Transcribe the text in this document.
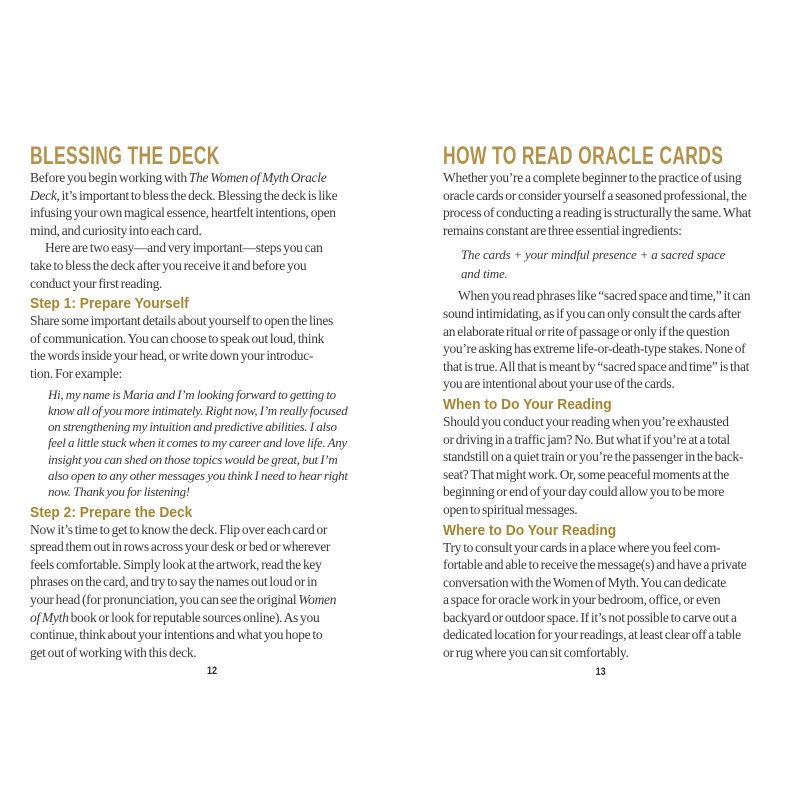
BLESSING THE DECK

Before you begin working with The Women of Myth Oracle
Deck, it’s important to bless the deck. Blessing the deck is like
infusing your own magical essence, heartfelt intentions, open
mind, and curiosity into each card.

Here are two easy—and very important—steps you can
take to bless the deck after you receive it and before you
conduct your first reading.

Step 1: Prepare Yourself

Share some important details about yourself to open the lines
of communication. You can choose to speak out loud, think
the words inside your head, or write down your introduc-
tion. For example:

Hi, my name is Maria and I’m looking forward to getting to
know all of you more intimately. Right now, I’m really focused
on strengthening my intuition and predictive abilities. I also
feel a little stuck when it comes to my career and love life. Any
insight you can shed on those topics would be great, but I’m
also open to any other messages you think I need to hear right
now. Thank you for listening!
Step 2: Prepare the Deck

Now it’s time to get to know the deck. Flip over each card or
spread them out in rows across your desk or bed or wherever
feels comfortable. Simply look at the artwork, read the key
phrases on the card, and try to say the names out loud or in
your head (for pronunciation, you can see the original Women
of Myth book or look for reputable sources online). As you
continue, think about your intentions and what you hope to
get out of working with this deck.

12
HOW TO READ ORACLE CARDS

Whether you’re a complete beginner to the practice of using
oracle cards or consider yourself a seasoned professional, the
process of conducting a reading is structurally the same. What
remains constant are three essential ingredients:

The cards + your mindful presence + a sacred space
and time.

When you read phrases like “sacred space and time,” it can
sound intimidating, as if you can only consult the cards after
an elaborate ritual or rite of passage or only if the question
you’re asking has extreme life-or-death-type stakes. None of
that is true. All that is meant by “sacred space and time” is that
you are intentional about your use of the cards.

When to Do Your Reading

Should you conduct your reading when you’re exhausted
or driving in a traffic jam? No. But what if you’re at a total
standstill on a quiet train or you’re the passenger in the back-
seat? That might work. Or, some peaceful moments at the
beginning or end of your day could allow you to be more
open to spiritual messages.

Where to Do Your Reading

Try to consult your cards in a place where you feel com-
fortable and able to receive the message(s) and have a private
conversation with the Women of Myth. You can dedicate
a space for oracle work in your bedroom, office, or even
backyard or outdoor space. If it’s not possible to carve out a
dedicated location for your readings, at least clear off a table
or rug where you can sit comfortably.

13
